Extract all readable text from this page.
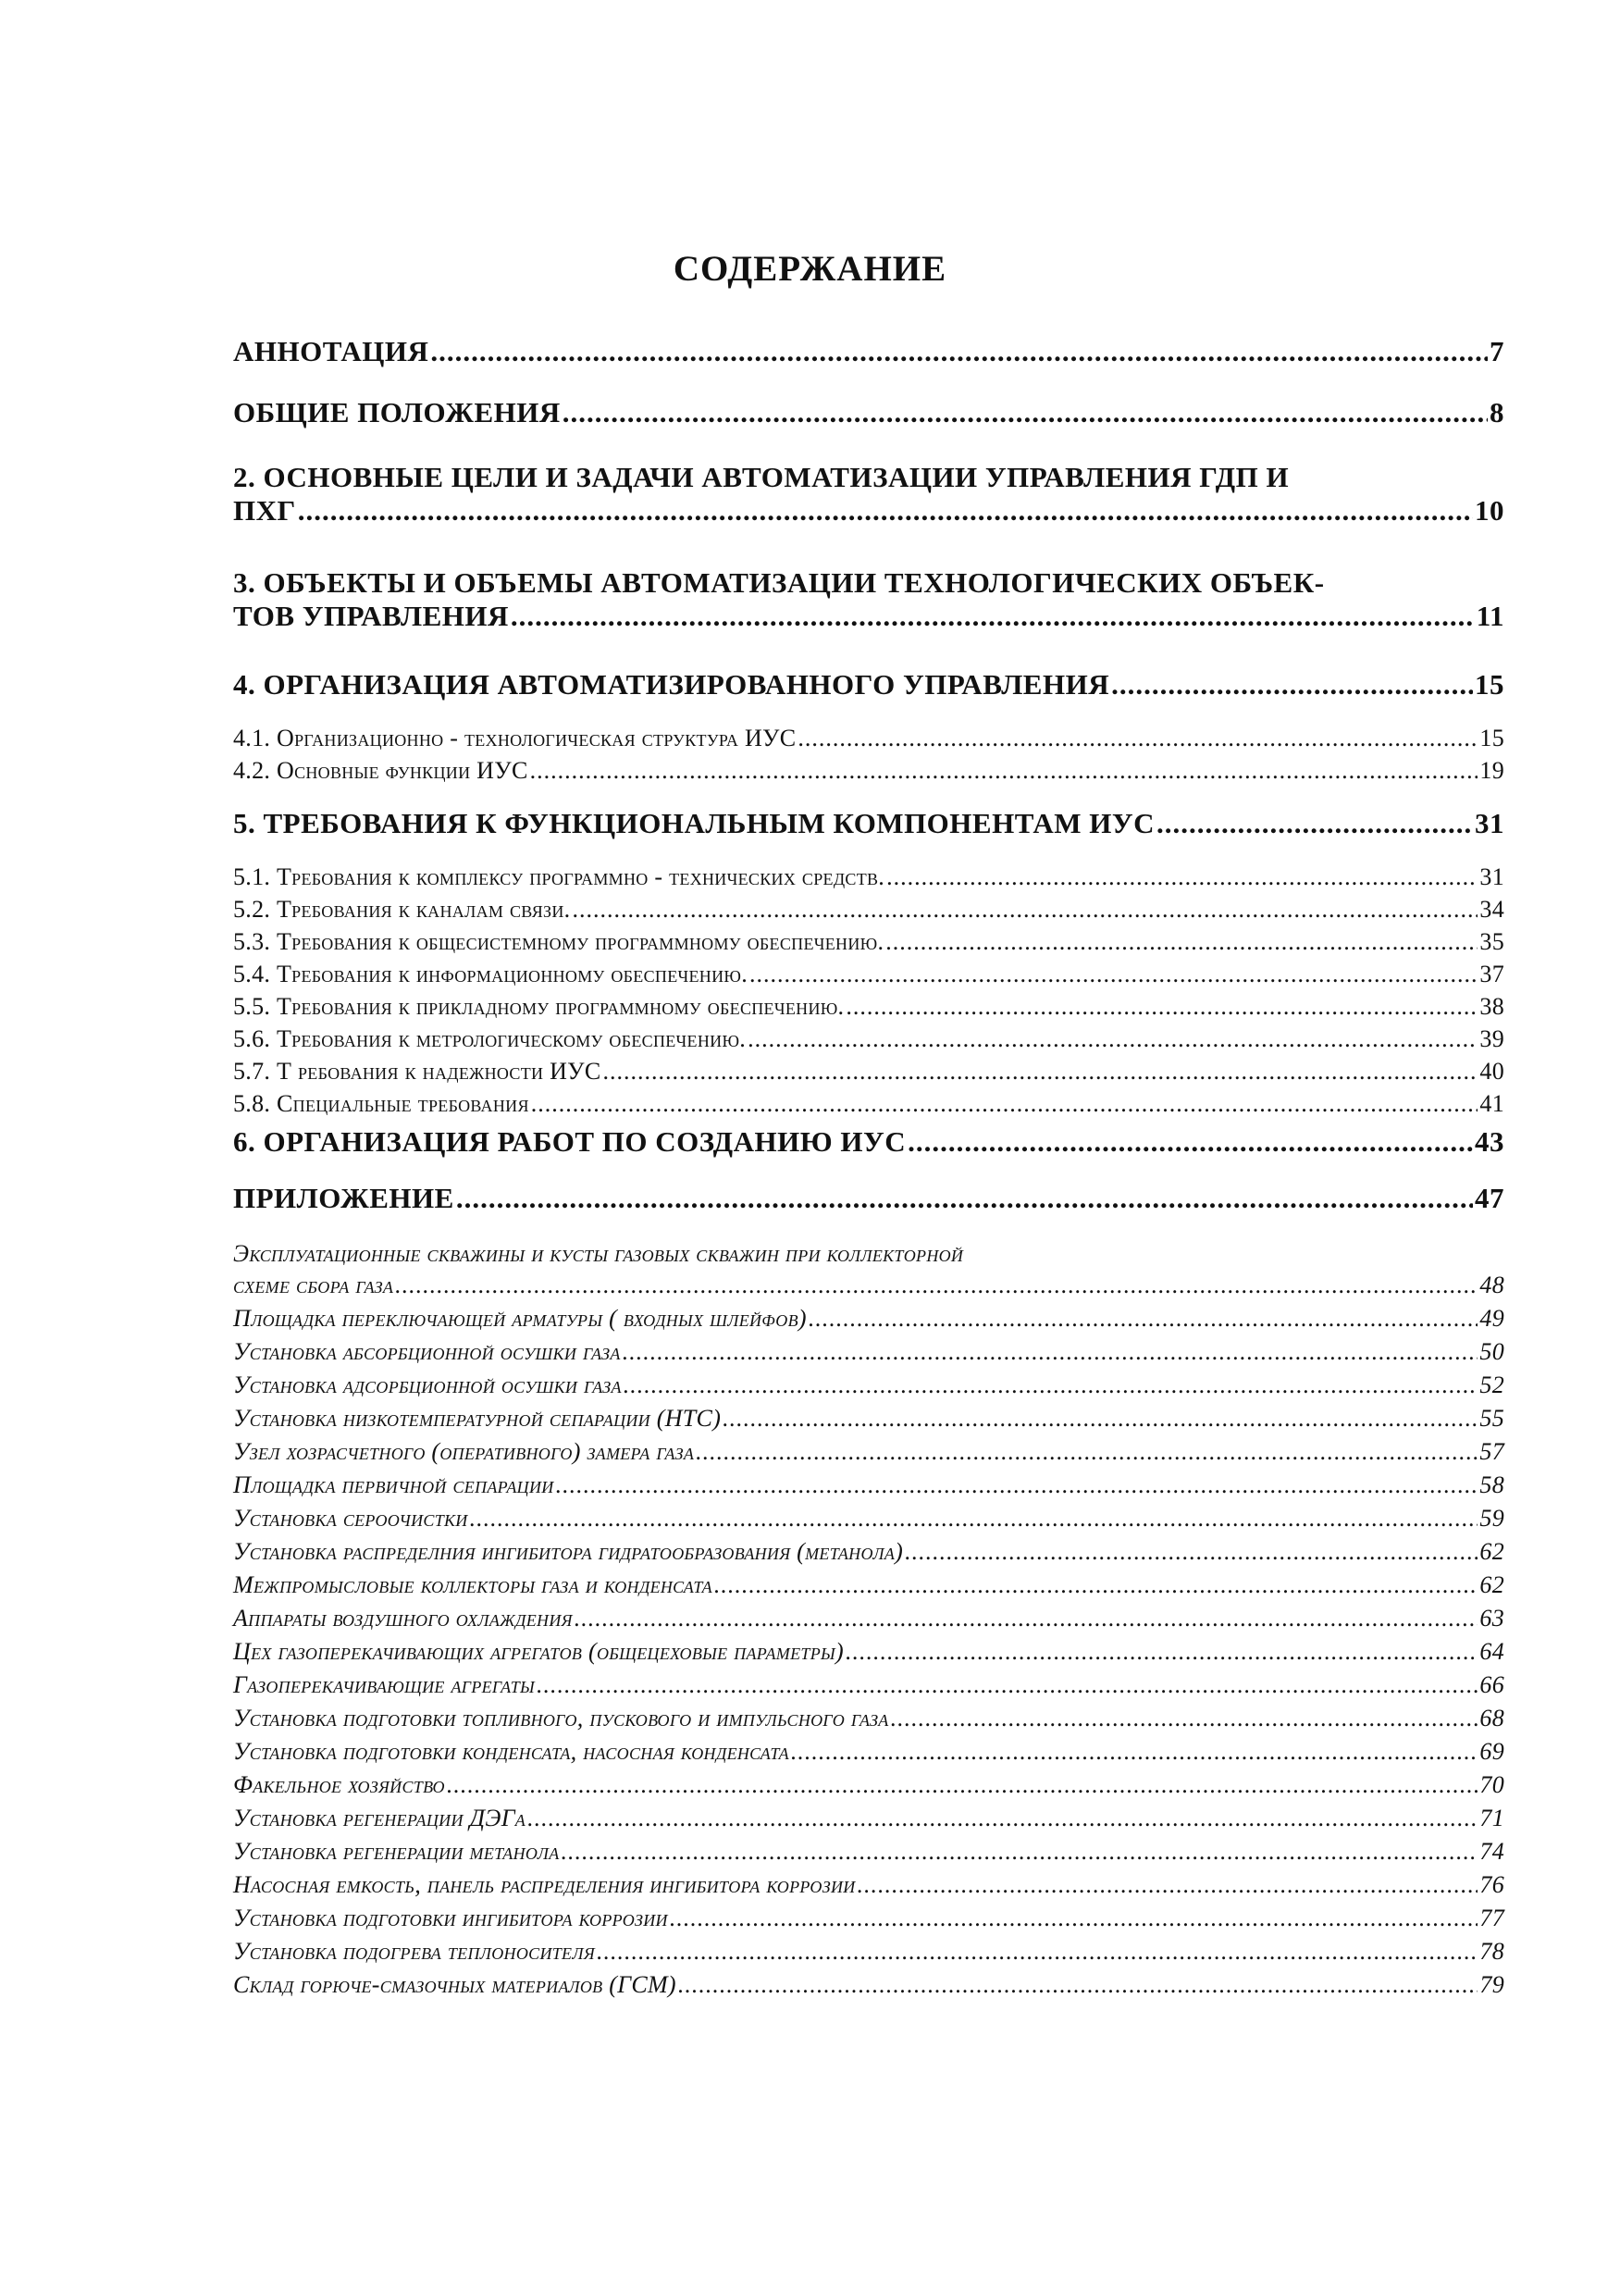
СОДЕРЖАНИЕ
АННОТАЦИЯ .....	7
ОБЩИЕ ПОЛОЖЕНИЯ .....	8
2. ОСНОВНЫЕ ЦЕЛИ И ЗАДАЧИ АВТОМАТИЗАЦИИ УПРАВЛЕНИЯ ГДП И
ПХГ .....	10
3. ОБЪЕКТЫ И ОБЪЕМЫ АВТОМАТИЗАЦИИ ТЕХНОЛОГИЧЕСКИХ ОБЪЕК-
ТОВ УПРАВЛЕНИЯ .....	11
4. ОРГАНИЗАЦИЯ АВТОМАТИЗИРОВАННОГО УПРАВЛЕНИЯ .....	15
4.1. Организационно - технологическая структура ИУС .....	15
4.2. Основные функции ИУС .....	19
5. ТРЕБОВАНИЯ К ФУНКЦИОНАЛЬНЫМ КОМПОНЕНТАМ ИУС .....	31
5.1. Требования к комплексу программно - технических средств. .....	31
5.2. Требования к каналам связи. .....	34
5.3. Требования к общесистемному программному обеспечению. .....	35
5.4. Требования к информационному обеспечению. .....	37
5.5. Требования к прикладному программному обеспечению. .....	38
5.6. Требования к метрологическому обеспечению. .....	39
5.7. Т ребования к надежности ИУС .....	40
5.8. Специальные требования .....	41
6. ОРГАНИЗАЦИЯ РАБОТ ПО СОЗДАНИЮ ИУС .....	43
ПРИЛОЖЕНИЕ .....	47
Эксплуатационные скважины и кусты газовых скважин при коллекторной
схеме сбора газа .....	48
Площадка переключающей арматуры ( входных шлейфов) .....	49
Установка абсорбционной осушки газа .....	50
Установка адсорбционной осушки газа .....	52
Установка низкотемпературной сепарации (НТС) .....	55
Узел хозрасчетного (оперативного) замера газа .....	57
Площадка первичной сепарации .....	58
Установка сероочистки .....	59
Установка распределния ингибитора гидратообразования (метанола) .....	62
Межпромысловые коллекторы газа и конденсата .....	62
Аппараты воздушного охлаждения .....	63
Цех газоперекачивающих агрегатов (общецеховые параметры) .....	64
Газоперекачивающие агрегаты .....	66
Установка подготовки топливного, пускового и импульсного газа .....	68
Установка подготовки конденсата, насосная конденсата .....	69
Факельное хозяйство .....	70
Установка регенерации ДЭГа .....	71
Установка регенерации метанола .....	74
Насосная емкость, панель распределения ингибитора коррозии .....	76
Установка подготовки ингибитора коррозии .....	77
Установка подогрева теплоносителя .....	78
Склад горюче-смазочных материалов (ГСМ) .....	79
